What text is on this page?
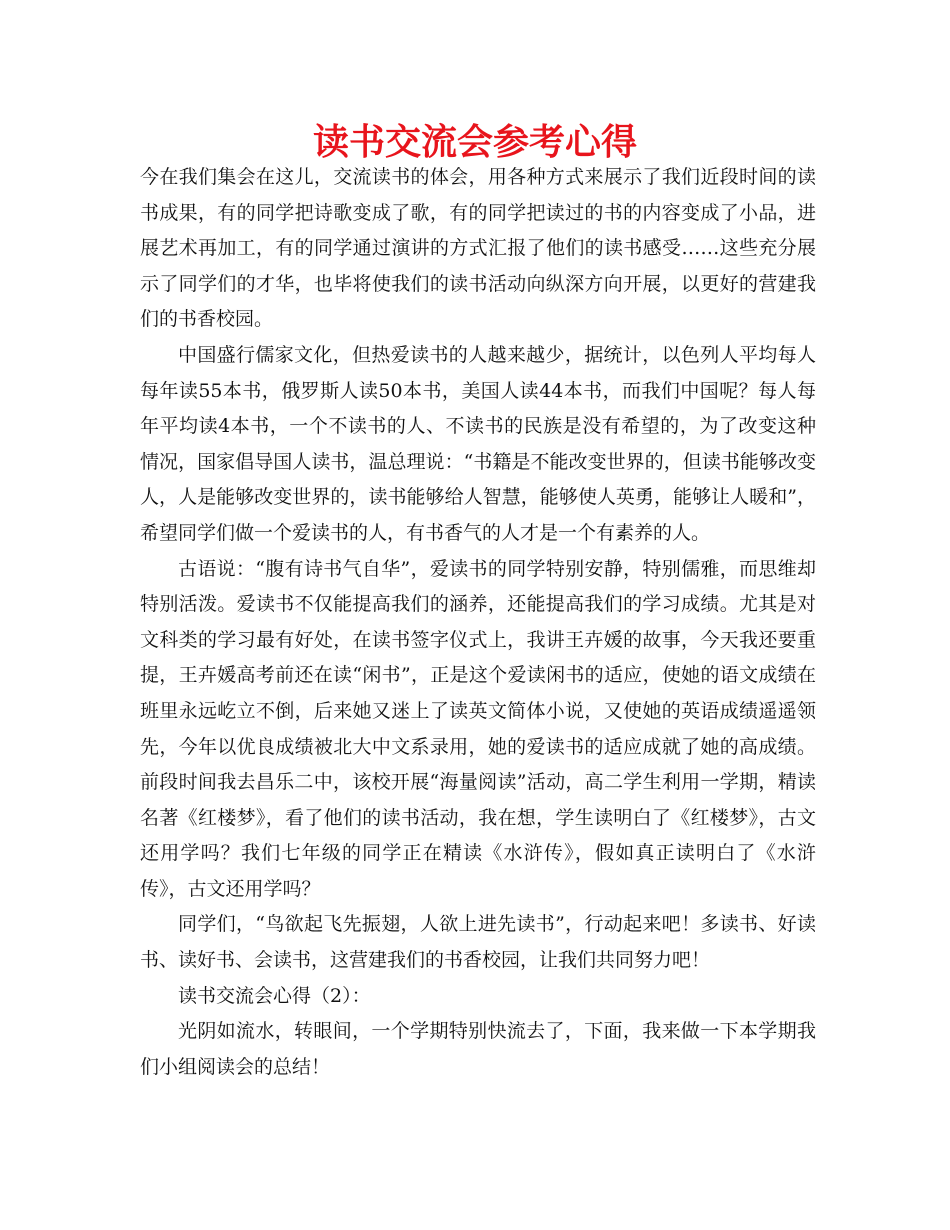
读书交流会参考心得

今在我们集会在这儿，交流读书的体会，用各种方式来展示了我们近段时间的读书成果，有的同学把诗歌变成了歌，有的同学把读过的书的内容变成了小品，进展艺术再加工，有的同学通过演讲的方式汇报了他们的读书感受……这些充分展示了同学们的才华，也毕将使我们的读书活动向纵深方向开展，以更好的营建我们的书香校园。

中国盛行儒家文化，但热爱读书的人越来越少，据统计，以色列人平均每人每年读55本书，俄罗斯人读50本书，美国人读44本书，而我们中国呢？每人每年平均读4本书，一个不读书的人、不读书的民族是没有希望的，为了改变这种情况，国家倡导国人读书，温总理说：“书籍是不能改变世界的，但读书能够改变人，人是能够改变世界的，读书能够给人智慧，能够使人英勇，能够让人暖和”，希望同学们做一个爱读书的人，有书香气的人才是一个有素养的人。

古语说：“腹有诗书气自华”，爱读书的同学特别安静，特别儒雅，而思维却特别活泼。爱读书不仅能提高我们的涵养，还能提高我们的学习成绩。尤其是对文科类的学习最有好处，在读书签字仪式上，我讲王卉媛的故事，今天我还要重提，王卉媛高考前还在读“闲书”，正是这个爱读闲书的适应，使她的语文成绩在班里永远屹立不倒，后来她又迷上了读英文简体小说，又使她的英语成绩遥遥领先，今年以优良成绩被北大中文系录用，她的爱读书的适应成就了她的高成绩。前段时间我去昌乐二中，该校开展“海量阅读”活动，高二学生利用一学期，精读名著《红楼梦》，看了他们的读书活动，我在想，学生读明白了《红楼梦》，古文还用学吗？我们七年级的同学正在精读《水浒传》，假如真正读明白了《水浒传》，古文还用学吗？

同学们，“鸟欲起飞先振翅，人欲上进先读书”，行动起来吧！多读书、好读书、读好书、会读书，这营建我们的书香校园，让我们共同努力吧！

读书交流会心得（2）：

光阴如流水，转眼间，一个学期特别快流去了，下面，我来做一下本学期我们小组阅读会的总结！
